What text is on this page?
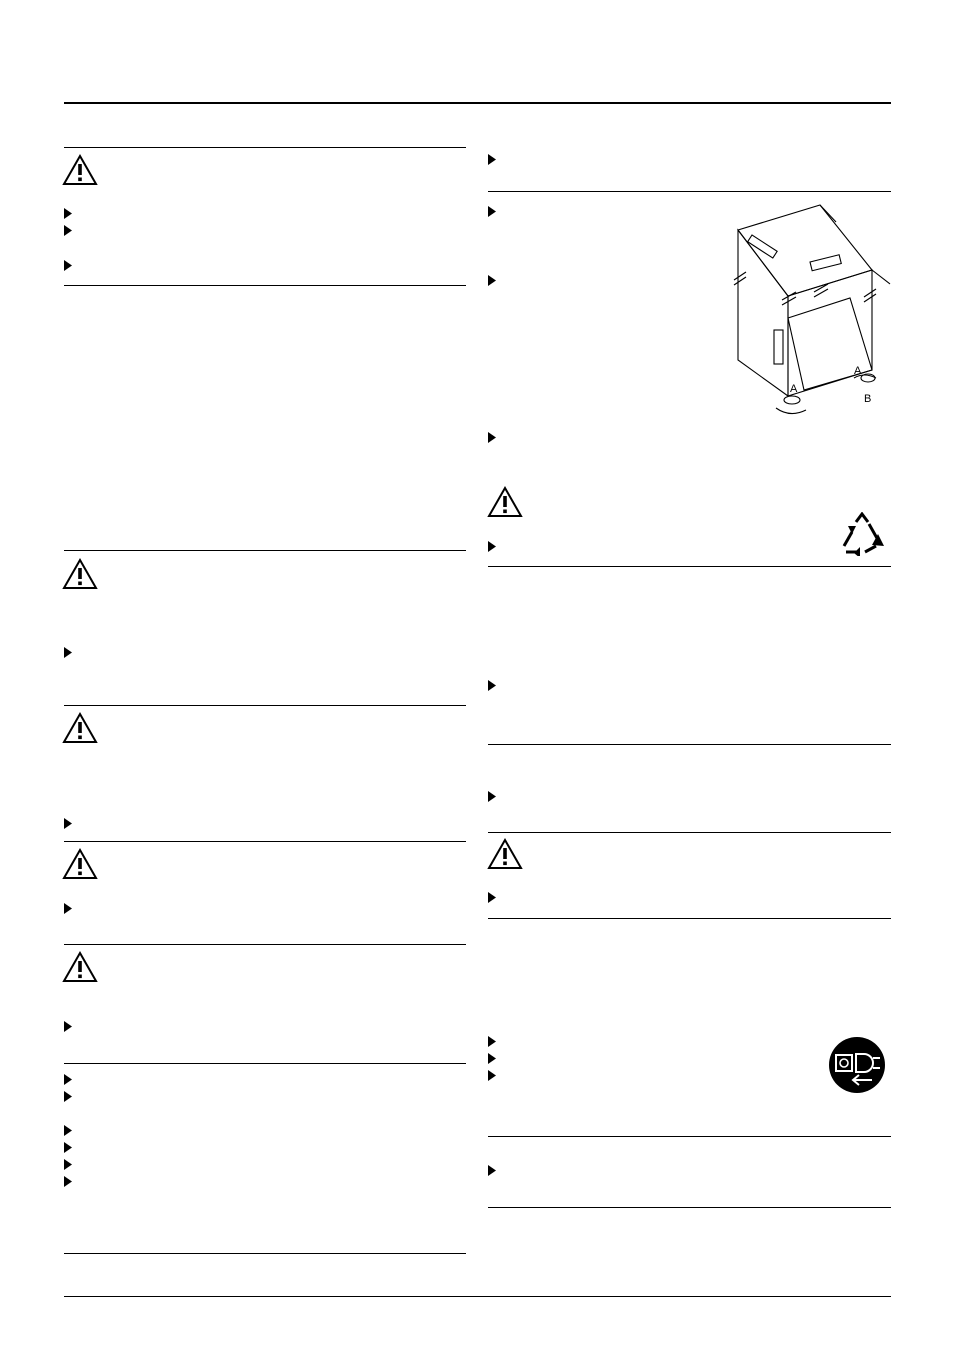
A
A
B
